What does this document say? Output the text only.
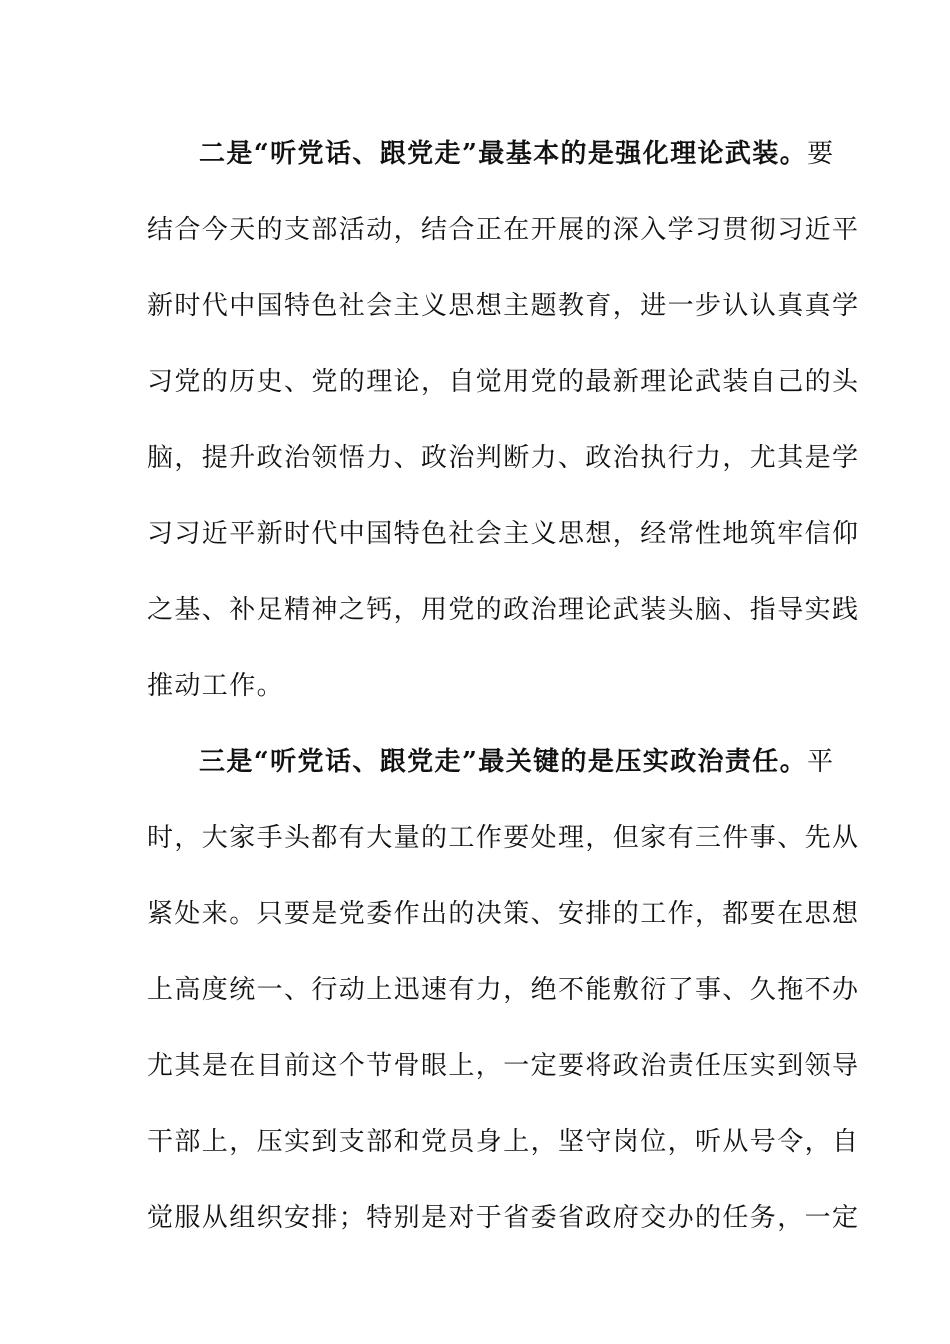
二是“听党话、跟党走”最基本的是强化理论武装。要
结合今天的支部活动，结合正在开展的深入学习贯彻习近平
新时代中国特色社会主义思想主题教育，进一步认认真真学
习党的历史、党的理论，自觉用党的最新理论武装自己的头
脑，提升政治领悟力、政治判断力、政治执行力，尤其是学
习习近平新时代中国特色社会主义思想，经常性地筑牢信仰
之基、补足精神之钙，用党的政治理论武装头脑、指导实践
推动工作。
三是“听党话、跟党走”最关键的是压实政治责任。平
时，大家手头都有大量的工作要处理，但家有三件事、先从
紧处来。只要是党委作出的决策、安排的工作，都要在思想
上高度统一、行动上迅速有力，绝不能敷衍了事、久拖不办
尤其是在目前这个节骨眼上，一定要将政治责任压实到领导
干部上，压实到支部和党员身上，坚守岗位，听从号令，自
觉服从组织安排；特别是对于省委省政府交办的任务，一定
